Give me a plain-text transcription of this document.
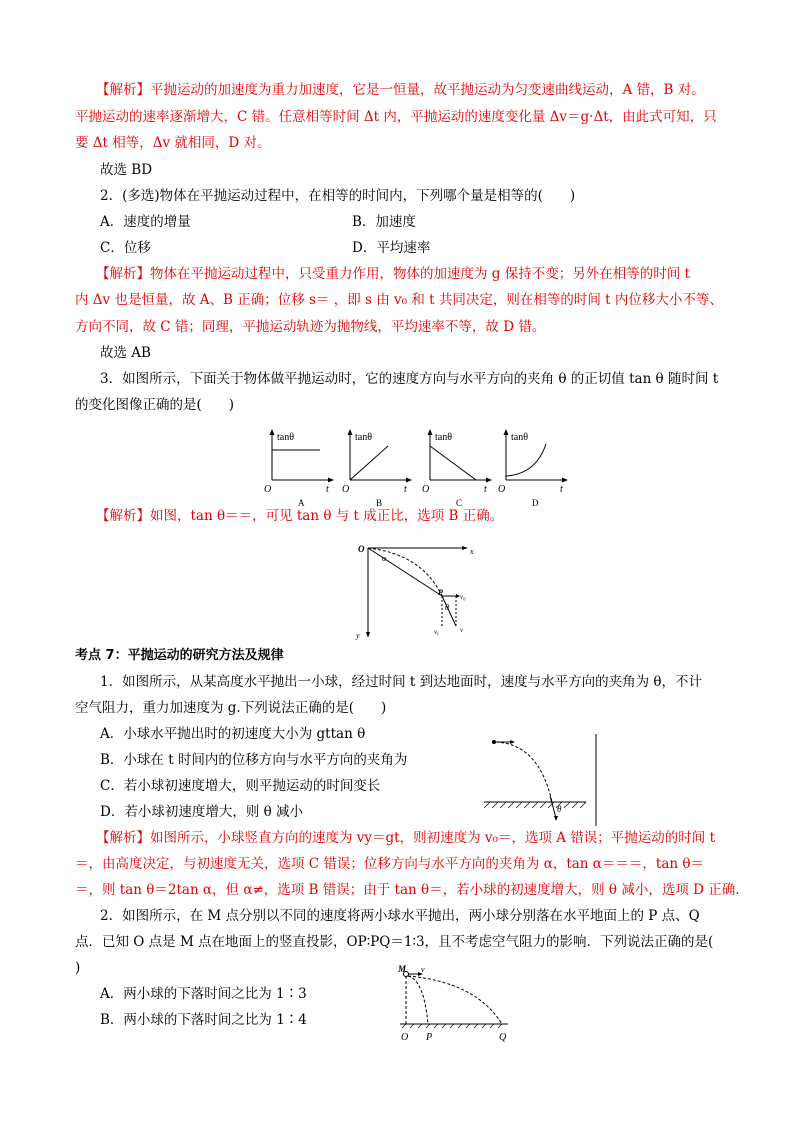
【解析】平抛运动的加速度为重力加速度，它是一恒量，故平抛运动为匀变速曲线运动，A 错，B 对。
平抛运动的速率逐渐增大，C 错。任意相等时间 Δt 内，平抛运动的速度变化量 Δv＝g·Δt，由此式可知，只
要 Δt 相等，Δv 就相同，D 对。
故选 BD
2．(多选)物体在平抛运动过程中，在相等的时间内，下列哪个量是相等的(　　)
A．速度的增量	B．加速度
C．位移	D．平均速率
【解析】物体在平抛运动过程中，只受重力作用，物体的加速度为 g 保持不变；另外在相等的时间 t
内 Δv 也是恒量，故 A、B 正确；位移 s＝ ，即 s 由 v₀ 和 t 共同决定，则在相等的时间 t 内位移大小不等、
方向不同，故 C 错；同理，平抛运动轨迹为抛物线，平均速率不等，故 D 错。
故选 AB
3．如图所示，下面关于物体做平抛运动时，它的速度方向与水平方向的夹角 θ 的正切值 tan θ 随时间 t
的变化图像正确的是(　　)
【解析】如图，tan θ＝＝，可见 tan θ 与 t 成正比，选项 B 正确。
考点 7：平抛运动的研究方法及规律
1．如图所示，从某高度水平抛出一小球，经过时间 t 到达地面时，速度与水平方向的夹角为 θ，不计
空气阻力，重力加速度为 g.下列说法正确的是(　　)
A．小球水平抛出时的初速度大小为 gttan θ
B．小球在 t 时间内的位移方向与水平方向的夹角为
C．若小球初速度增大，则平抛运动的时间变长
D．若小球初速度增大，则 θ 减小
【解析】如图所示，小球竖直方向的速度为 vy＝gt，则初速度为 v₀＝，选项 A 错误；平抛运动的时间 t
＝，由高度决定，与初速度无关，选项 C 错误；位移方向与水平方向的夹角为 α，tan α＝＝＝，tan θ＝
＝，则 tan θ＝2tan α，但 α≠，选项 B 错误；由于 tan θ＝，若小球的初速度增大，则 θ 减小，选项 D 正确.
2．如图所示，在 M 点分别以不同的速度将两小球水平抛出，两小球分别落在水平地面上的 P 点、Q
点．已知 O 点是 M 点在地面上的竖直投影，OP∶PQ＝1∶3，且不考虑空气阻力的影响．下列说法正确的是(
)
A．两小球的下落时间之比为 1∶3
B．两小球的下落时间之比为 1∶4
tanθ
t
O
A
tanθ
t
O
B
tanθ
t
O
C
tanθ
t
O
D
O	x
y
α
P
θ
v₀
vᵧ	v
θ
M v
O P	Q
